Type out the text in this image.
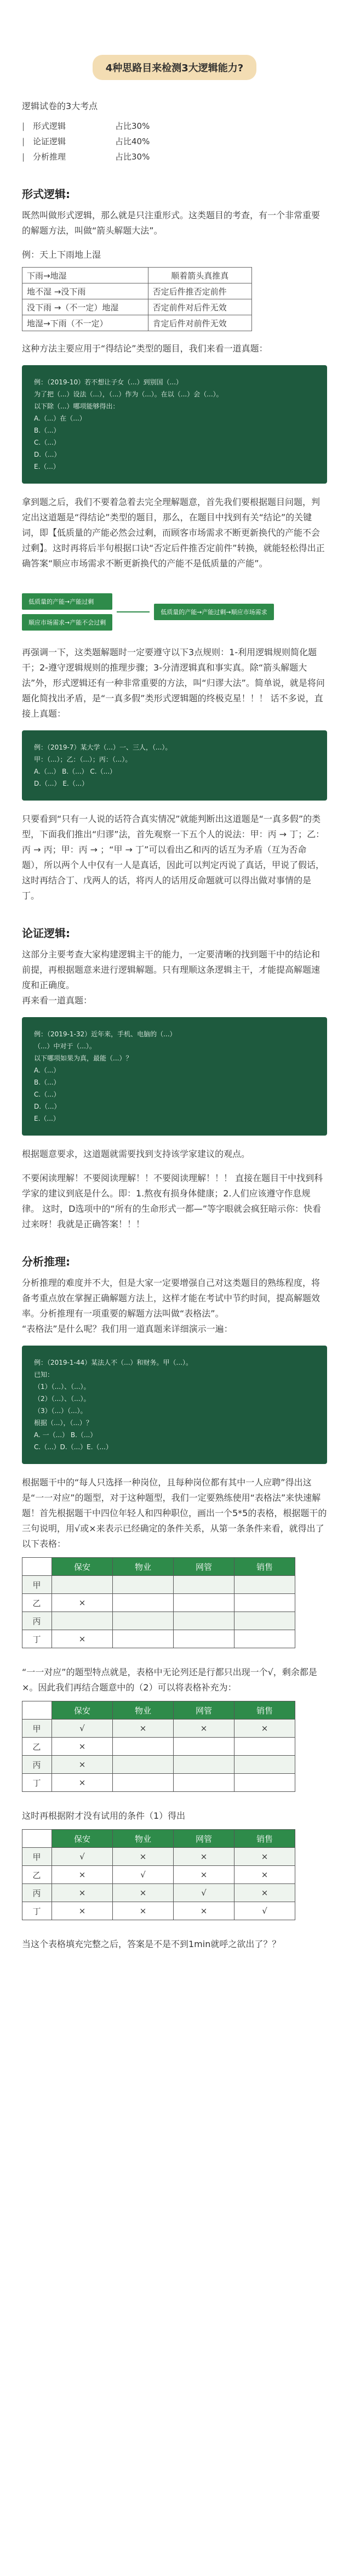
4种思路目来检测3大逻辑能力?

逻辑试卷的3大考点

| 形式逻辑	占比30%
| 论证逻辑	占比40%
| 分析推理	占比30%
形式逻辑:

既然叫做形式逻辑，那么就是只注重形式。这类题目的考查，有一个非常重要的解题方法，叫做“箭头解题大法”。

例：天上下雨地上湿

下雨→地湿	顺着箭头真推真
地不湿 →没下雨	否定后件推否定前件
没下雨 →（不一定）地湿	否定前件对后件无效
地湿→下雨（不一定）	肯定后件对前件无效

这种方法主要应用于“得结论”类型的题目，我们来看一道真题：

例：（2019-10）若不想让子女（...）到别国（...）

为了把（...）设法（...），（...）作为（...）。在以（...）会（...）。

以下除（...）哪项能够得出：

A.（...）在（...）

B.（...）

C.（...）

D.（...）

E.（...）

拿到题之后，我们不要着急着去完全理解题意，首先我们要根据题目问题，判定出这道题是“得结论”类型的题目，那么，在题目中找到有关“结论”的关键词，即【低质量的产能必然会过剩，而顾客市场需求不断更新换代的产能不会过剩】。这时再将后半句根据口诀“否定后件推否定前件”转换，就能轻松得出正确答案“顺应市场需求不断更新换代的产能不是低质量的产能”。

低质量的产能→产能过剩
顺应市场需求→产能不会过剩
低质量的产能→产能过剩→顺应市场需求

再强调一下，这类题解题时一定要遵守以下3点规则：1-利用逻辑规则简化题干；2-遵守逻辑规则的推理步骤；3-分清逻辑真和事实真。除“箭头解题大法”外，形式逻辑还有一种非常重要的方法，叫“归谬大法”。简单说，就是将问题化简找出矛盾，是“一真多假”类形式逻辑题的终极克星！！！ 话不多说，直接上真题：

例：（2019-7）某大学（...）一、三人，（...）。

甲：（...）；乙：（...）；丙：（...）。

A.（...） B.（...） C.（...）

D.（...） E.（...）

只要看到“只有一人说的话符合真实情况”就能判断出这道题是“一真多假”的类型，下面我们推出“归谬”法，首先观察一下五个人的说法：甲：丙 → 丁；乙：丙 → 丙；甲：丙 → ；“甲 → 丁”可以看出乙和丙的话互为矛盾（互为否命题），所以两个人中仅有一人是真话，因此可以判定丙说了真话，甲说了假话，这时再结合丁、戊两人的话，将丙人的话用反命题就可以得出做对事情的是丁。

论证逻辑:

这部分主要考查大家构建逻辑主干的能力，一定要清晰的找到题干中的结论和前提，再根据题意来进行逻辑解题。只有理顺这条逻辑主干，才能提高解题速度和正确度。

再来看一道真题：

例：（2019-1-32）近年来，手机、电脑的（...）

（...）中对于（...）。

以下哪项如果为真，最能（...）？

A.（...）

B.（...）

C.（...）

D.（...）

E.（...）

根据题意要求，这道题就需要找到支持该学家建议的观点。

不要闲读理解！不要阅读理解！！不要阅读理解！！！ 直接在题目干中找到科学家的建议到底是什么。即：1.熬夜有损身体健康；2.人们应该遵守作息规律。 这时，D选项中的“所有的生命形式一都—”等字眼就会疯狂暗示你：快看过来呀！我就是正确答案！！！

分析推理:

分析推理的难度并不大，但是大家一定要增强自己对这类题目的熟练程度，将备考重点放在掌握正确解题方法上，这样才能在考试中节约时间，提高解题效率。分析推理有一项重要的解题方法叫做“表格法”。

“表格法”是什么呢？我们用一道真题来详细演示一遍：

例：（2019-1-44）某法人不（...）和财务。甲（...）。

已知：

（1）（...）、（...）。

（2）（...）、（...）。

（3）（...）（...）。

根据（...），（...）？

A. 一（...） B.（...）

C.（...）D.（...）E.（...）

根据题干中的“每人只选择一种岗位，且每种岗位都有其中一人应聘”得出这是“一一对应”的题型，对于这种题型，我们一定要熟练使用“表格法”来快速解题！首先根据题干中四位年轻人和四种职位，画出一个5*5的表格，根据题干的三句说明，用√或×来表示已经确定的条件关系，从第一条条件来看，就得出了以下表格：

	保安	物业	网管	销售
甲				
乙	×			
丙				
丁	×			

“一一对应”的题型特点就是，表格中无论列还是行都只出现一个√，剩余都是×。因此我们再结合题意中的（2）可以将表格补充为：

	保安	物业	网管	销售
甲	√	×	×	×
乙	×			
丙	×			
丁	×			

这时再根据附才没有试用的条件（1）得出

	保安	物业	网管	销售
甲	√	×	×	×
乙	×	√	×	×
丙	×	×	√	×
丁	×	×	×	√

当这个表格填充完整之后，答案是不是不到1min就呼之欲出了？？
